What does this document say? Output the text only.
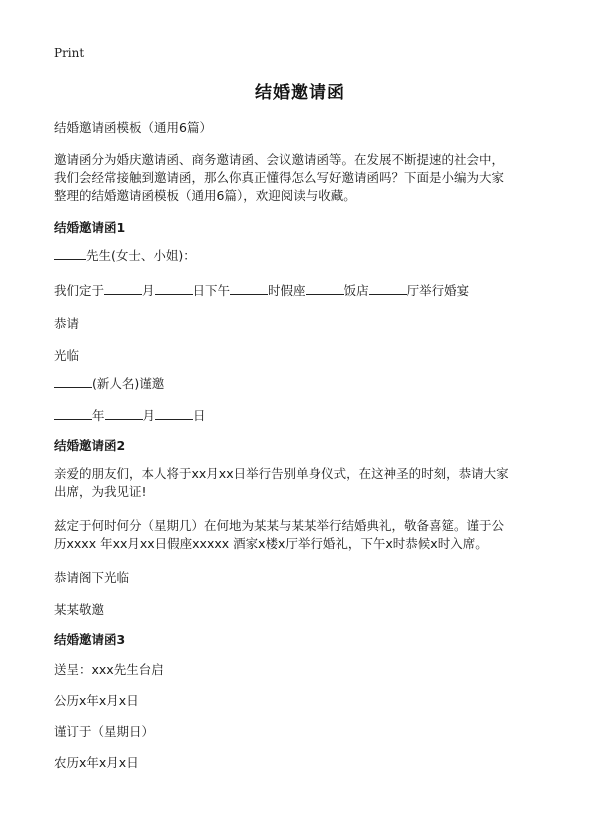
Print
结婚邀请函
结婚邀请函模板（通用6篇）
邀请函分为婚庆邀请函、商务邀请函、会议邀请函等。在发展不断提速的社会中，
我们会经常接触到邀请函，那么你真正懂得怎么写好邀请函吗？下面是小编为大家
整理的结婚邀请函模板（通用6篇），欢迎阅读与收藏。
结婚邀请函1
先生(女士、小姐)：
我们定于	月	日下午	时假座	饭店	厅举行婚宴
恭请
光临
(新人名)谨邀
年	月	日
结婚邀请函2
亲爱的朋友们，本人将于xx月xx日举行告别单身仪式，在这神圣的时刻，恭请大家
出席，为我见证!
兹定于何时何分（星期几）在何地为某某与某某举行结婚典礼，敬备喜筵。谨于公
历xxxx 年xx月xx日假座xxxxx 酒家x楼x厅举行婚礼，下午x时恭候x时入席。
恭请阁下光临
某某敬邀
结婚邀请函3
送呈：xxx先生台启
公历x年x月x日
谨订于（星期日）
农历x年x月x日
